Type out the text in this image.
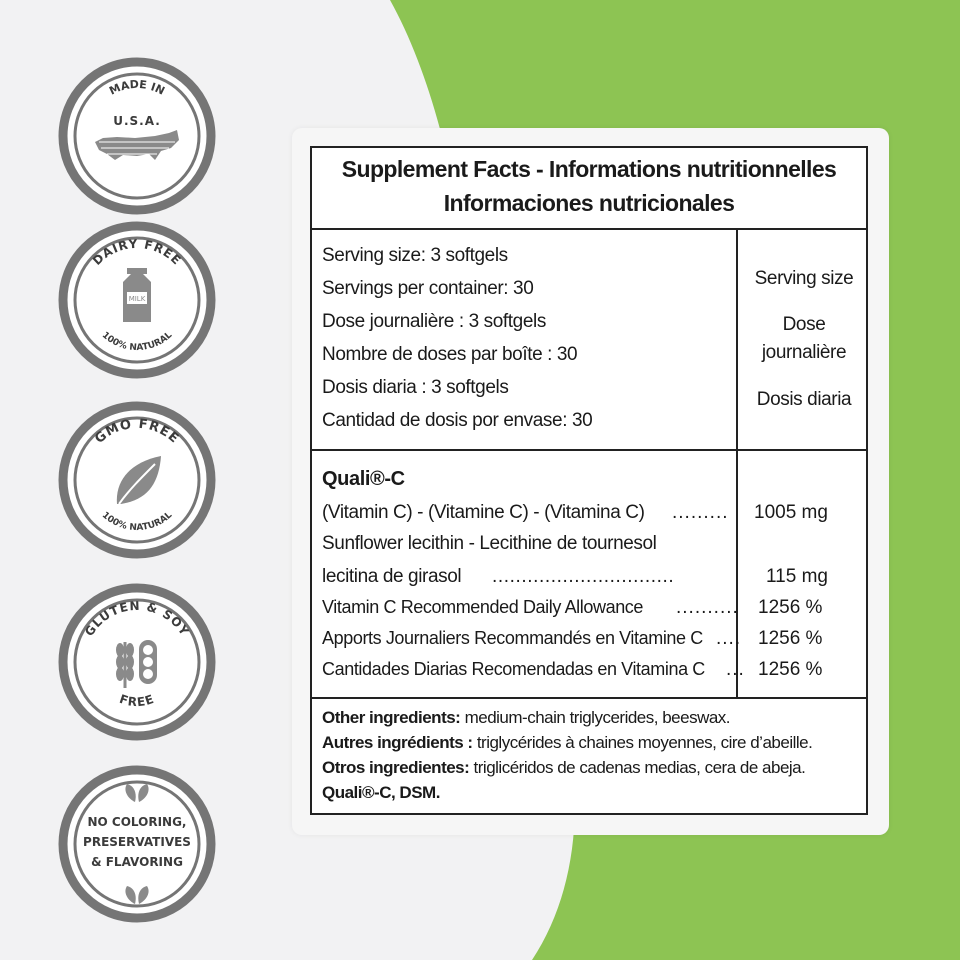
MADE IN
U.S.A.
DAIRY FREE
100% NATURAL
MILK
GMO FREE
100% NATURAL
GLUTEN & SOY
FREE
NO COLORING,
PRESERVATIVES
& FLAVORING
Supplement Facts - Informations nutritionnelles
Informaciones nutricionales
Serving size: 3 softgels
Servings per container: 30
Dose journalière : 3 softgels
Nombre de doses par boîte : 30
Dosis diaria : 3 softgels
Cantidad de dosis por envase: 30
Serving size
Dose
journalière
Dosis diaria
Quali®-C
(Vitamin C) - (Vitamine C) - (Vitamina C) ......... 1005 mg
Sunflower lecithin - Lecithine de tournesol
lecitina de girasol ...............................	115 mg
Vitamin C Recommended Daily Allowance .......... 1256 %
Apports Journaliers Recommandés en Vitamine C .... 1256 %
Cantidades Diarias Recomendadas en Vitamina C ... 1256 %
Other ingredients: medium-chain triglycerides, beeswax.
Autres ingrédients : triglycérides à chaines moyennes, cire d’abeille.
Otros ingredientes: triglicéridos de cadenas medias, cera de abeja.
Quali®-C, DSM.
